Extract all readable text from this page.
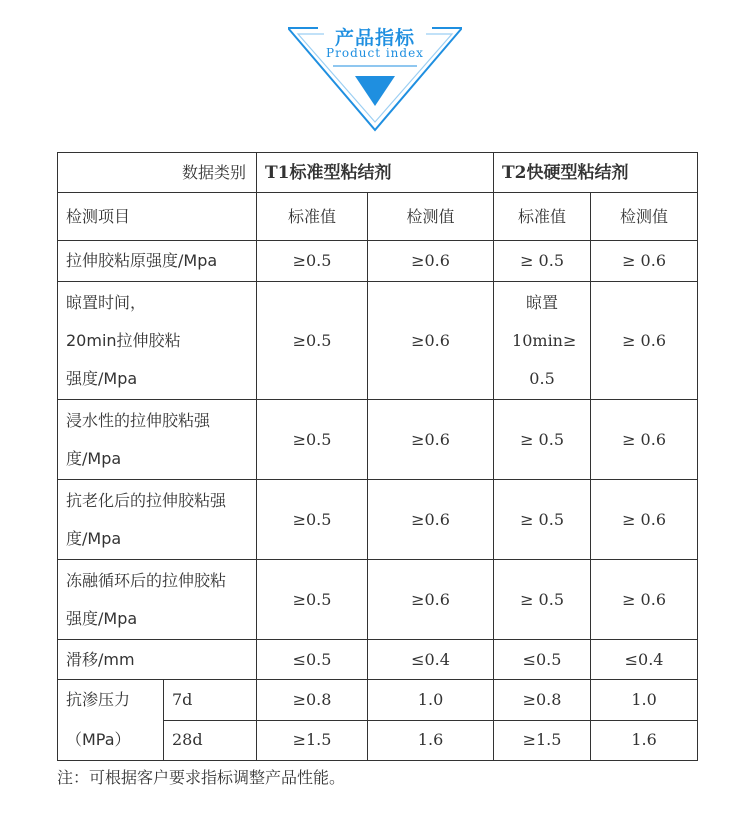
产品指标
Product index
数据类别		T1标准型粘结剂		T2快硬型粘结剂	
检测项目		标准值	检测值	标准值	检测值
拉伸胶粘原强度/Mpa		≥0.5	≥0.6	≥ 0.5	≥ 0.6
晾置时间，20min拉伸胶粘强度/Mpa		≥0.5	≥0.6	晾置 10min≥ 0.5	≥ 0.6
浸水性的拉伸胶粘强度/Mpa		≥0.5	≥0.6	≥ 0.5	≥ 0.6
抗老化后的拉伸胶粘强度/Mpa		≥0.5	≥0.6	≥ 0.5	≥ 0.6
冻融循环后的拉伸胶粘强度/Mpa		≥0.5	≥0.6	≥ 0.5	≥ 0.6
滑移/mm		≤0.5	≤0.4	≤0.5	≤0.4

抗渗压力
（MPa）	7d	≥0.8	1.0	≥0.8	1.0
	28d	≥1.5	1.6	≥1.5	1.6
注：可根据客户要求指标调整产品性能。
